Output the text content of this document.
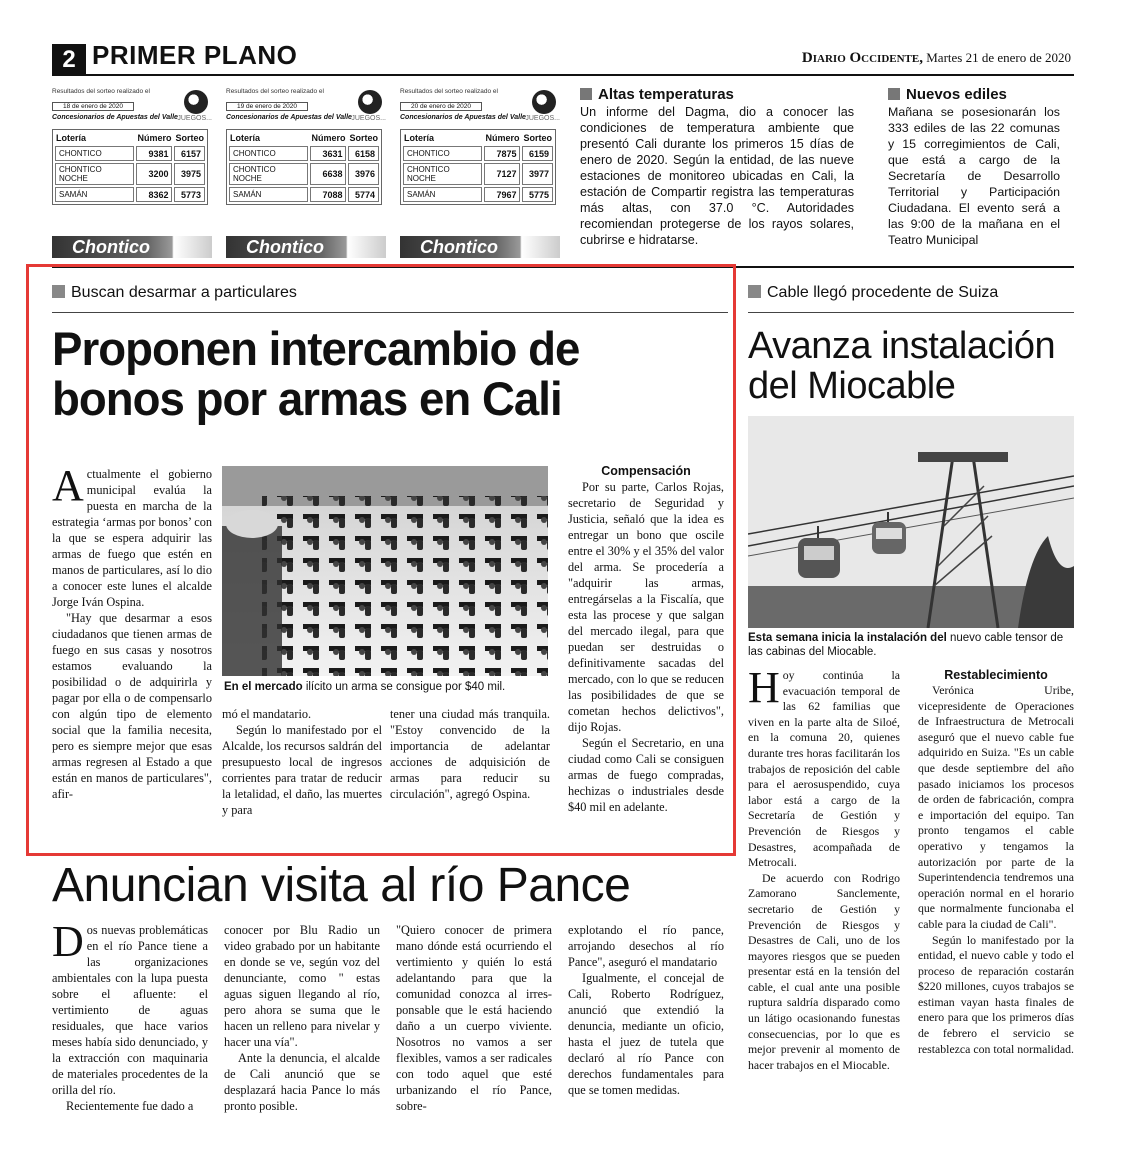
2 PRIMER PLANO	Diario Occidente, Martes 21 de enero de 2020
Resultados del sorteo realizado el
18 de enero de 2020
Concesionarios de Apuestas del Valle JUEGOS...
Lotería	Número	Sorteo
CHONTICO	9381	6157
CHONTICO NOCHE	3200	3975
SAMÁN	8362	5773
Chontico
Resultados del sorteo realizado el
19 de enero de 2020
Concesionarios de Apuestas del Valle JUEGOS...
Lotería	Número	Sorteo
CHONTICO	3631	6158
CHONTICO NOCHE	6638	3976
SAMÁN	7088	5774
Chontico
Resultados del sorteo realizado el
20 de enero de 2020
Concesionarios de Apuestas del Valle JUEGOS...
Lotería	Número	Sorteo
CHONTICO	7875	6159
CHONTICO NOCHE	7127	3977
SAMÁN	7967	5775
Chontico
Altas temperaturas

Un informe del Dagma, dio a conocer las condiciones de temperatura ambiente que presentó Cali durante los primeros 15 días de enero de 2020. Según la entidad, de las nueve estaciones de monitoreo ubicadas en Cali, la estación de Compartir registra las temperaturas más altas, con 37.0 °C. Autoridades recomiendan protegerse de los rayos solares, cubrirse e hidratarse.

Nuevos ediles

Mañana se posesionarán los 333 ediles de las 22 comunas y 15 corregimientos de Cali, que está a cargo de la Secretaría de Desarrollo Territorial y Participación Ciudadana. El evento será a las 9:00 de la mañana en el Teatro Municipal

Buscan desarmar a particulares
Proponen intercambio de bonos por armas en Cali

Actualmente el gobierno municipal evalúa la puesta en marcha de la estrategia ‘armas por bonos’ con la que se espera adquirir las armas de fuego que estén en manos de particulares, así lo dio a conocer este lunes el alcalde Jorge Iván Ospina.

"Hay que desarmar a esos ciudadanos que tienen armas de fuego en sus casas y nosotros estamos evaluando la posibilidad o de adquirirla y pagar por ella o de compensarlo con algún tipo de elemento social que la familia necesita, pero es siempre mejor que esas armas regresen al Estado a que están en manos de particulares", afir-

En el mercado ilícito un arma se consigue por $40 mil.

mó el mandatario.

Según lo manifestado por el Alcalde, los recursos saldrán del presupuesto local de ingresos corrientes para tratar de reducir la letalidad, el daño, las muertes y para

tener una ciudad más tranquila. "Estoy convencido de la importancia de adelantar acciones de adquisición de armas para reducir su circulación", agregó Ospina.

Compensación

Por su parte, Carlos Rojas, secretario de Seguridad y Justicia, señaló que la idea es entregar un bono que oscile entre el 30% y el 35% del valor del arma. Se procedería a "adquirir las armas, entregárselas a la Fiscalía, que esta las procese y que salgan del mercado ilegal, para que puedan ser destruidas o definitivamente sacadas del mercado, con lo que se reducen las posibilidades de que se cometan hechos delictivos", dijo Rojas.

Según el Secretario, en una ciudad como Cali se consiguen armas de fuego compradas, hechizas o industriales desde $40 mil en adelante.

Cable llegó procedente de Suiza
Avanza instalación del Miocable
Esta semana inicia la instalación del nuevo cable tensor de las cabinas del Miocable.

Hoy continúa la evacuación temporal de las 62 familias que viven en la parte alta de Siloé, en la comuna 20, quienes durante tres horas facilitarán los trabajos de reposición del cable para el aerosuspendido, cuya labor está a cargo de la Secretaría de Gestión y Prevención de Riesgos y Desastres, acompañada de Metrocali.

De acuerdo con Rodrigo Zamorano Sanclemente, secretario de Gestión y Prevención de Riesgos y Desastres de Cali, uno de los mayores riesgos que se pueden presentar está en la tensión del cable, el cual ante una posible ruptura saldría disparado como un látigo ocasionando funestas consecuencias, por lo que es mejor prevenir al momento de hacer trabajos en el Miocable.

Restablecimiento

Verónica Uribe, vicepresidente de Operaciones de Infraestructura de Metrocali aseguró que el nuevo cable fue adquirido en Suiza. "Es un cable que desde septiembre del año pasado iniciamos los procesos de orden de fabricación, compra e importación del equipo. Tan pronto tengamos el cable operativo y tengamos la autorización por parte de la Superintendencia tendremos una operación normal en el horario que normalmente funcionaba el cable para la ciudad de Cali".

Según lo manifestado por la entidad, el nuevo cable y todo el proceso de reparación costarán $220 millones, cuyos trabajos se estiman vayan hasta finales de enero para que los primeros días de febrero el servicio se restablezca con total normalidad.

Anuncian visita al río Pance

Dos nuevas problemáticas en el río Pance tiene a las organizaciones ambientales con la lupa puesta sobre el afluente: el vertimiento de aguas residuales, que hace varios meses había sido denunciado, y la extracción con maquinaria de materiales procedentes de la orilla del río.

Recientemente fue dado a

conocer por Blu Radio un video grabado por un habitante en donde se ve, según voz del denunciante, como " estas aguas siguen llegando al río, pero ahora se suma que le hacen un relleno para nivelar y hacer una vía".

Ante la denuncia, el alcalde de Cali anunció que se desplazará hacia Pance lo más pronto posible.

"Quiero conocer de primera mano dónde está ocurriendo el vertimiento y quién lo está adelantando para que la comunidad conozca al irres-ponsable que le está haciendo daño a un cuerpo viviente. Nosotros no vamos a ser flexibles, vamos a ser radicales con todo aquel que esté urbanizando el río Pance, sobre-

explotando el río pance, arrojando desechos al río Pance", aseguró el mandatario

Igualmente, el concejal de Cali, Roberto Rodríguez, anunció que extendió la denuncia, mediante un oficio, hasta el juez de tutela que declaró al río Pance con derechos fundamentales para que se tomen medidas.
